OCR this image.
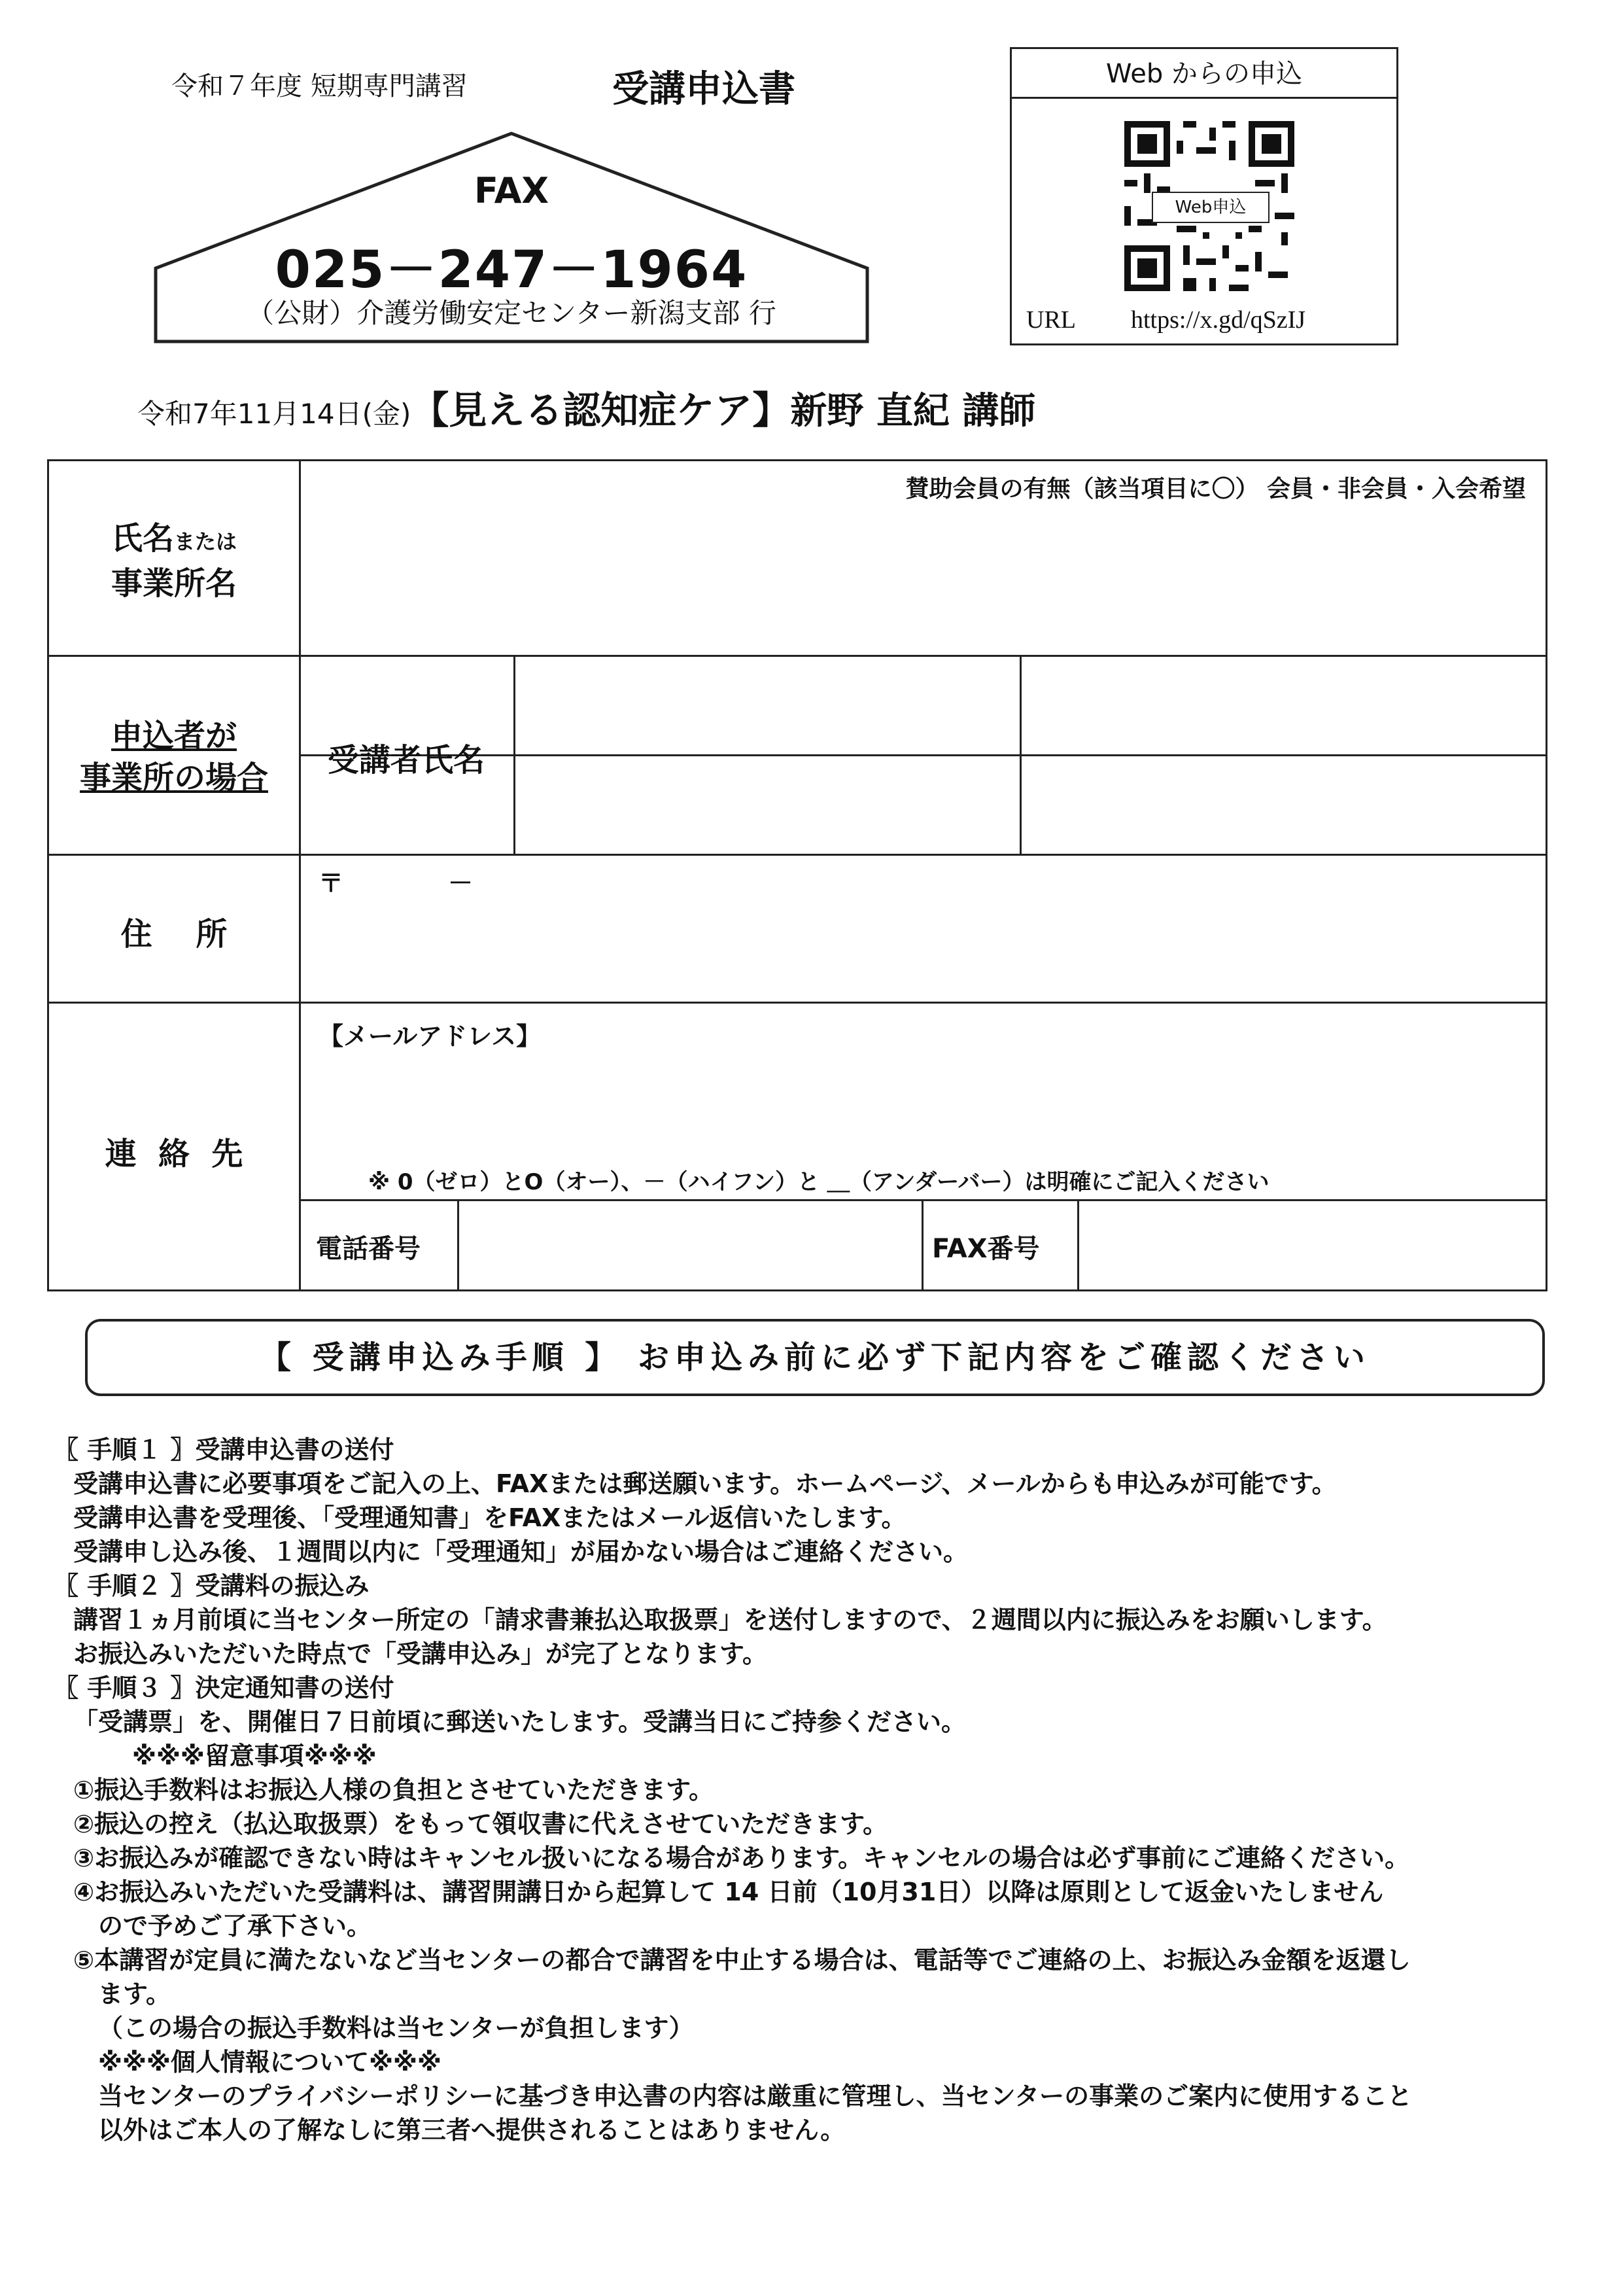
令和７年度 短期専門講習	受講申込書
FAX
025－247－1964
（公財）介護労働安定センター新潟支部 行
Web からの申込
Web申込
URL https://x.gd/qSzIJ
令和7年11月14日(金)【見える認知症ケア】新野 直紀 講師
氏名または
事業所名
賛助会員の有無（該当項目に〇） 会員・非会員・入会希望
申込者が
事業所の場合	受講者氏名
住    所
〒	－
連  絡  先
【メールアドレス】
※ 0（ゼロ）とO（オー）、－（ハイフン）と ＿（アンダーバー）は明確にご記入ください
電話番号	FAX番号
【 受講申込み手順 】 お申込み前に必ず下記内容をご確認ください
〖 手順１ 〗受講申込書の送付
受講申込書に必要事項をご記入の上、FAXまたは郵送願います。ホームページ、メールからも申込みが可能です。
受講申込書を受理後、「受理通知書」をFAXまたはメール返信いたします。
受講申し込み後、１週間以内に「受理通知」が届かない場合はご連絡ください。
〖 手順２ 〗受講料の振込み
講習１ヵ月前頃に当センター所定の「請求書兼払込取扱票」を送付しますので、２週間以内に振込みをお願いします。
お振込みいただいた時点で「受講申込み」が完了となります。
〖 手順３ 〗決定通知書の送付
「受講票」を、開催日７日前頃に郵送いたします。受講当日にご持参ください。
※※※留意事項※※※
①振込手数料はお振込人様の負担とさせていただきます。
②振込の控え（払込取扱票）をもって領収書に代えさせていただきます。
③お振込みが確認できない時はキャンセル扱いになる場合があります。キャンセルの場合は必ず事前にご連絡ください。
④お振込みいただいた受講料は、講習開講日から起算して 14 日前（10月31日）以降は原則として返金いたしません
ので予めご了承下さい。
⑤本講習が定員に満たないなど当センターの都合で講習を中止する場合は、電話等でご連絡の上、お振込み金額を返還し
ます。
（この場合の振込手数料は当センターが負担します）
※※※個人情報について※※※
当センターのプライバシーポリシーに基づき申込書の内容は厳重に管理し、当センターの事業のご案内に使用すること
以外はご本人の了解なしに第三者へ提供されることはありません。
